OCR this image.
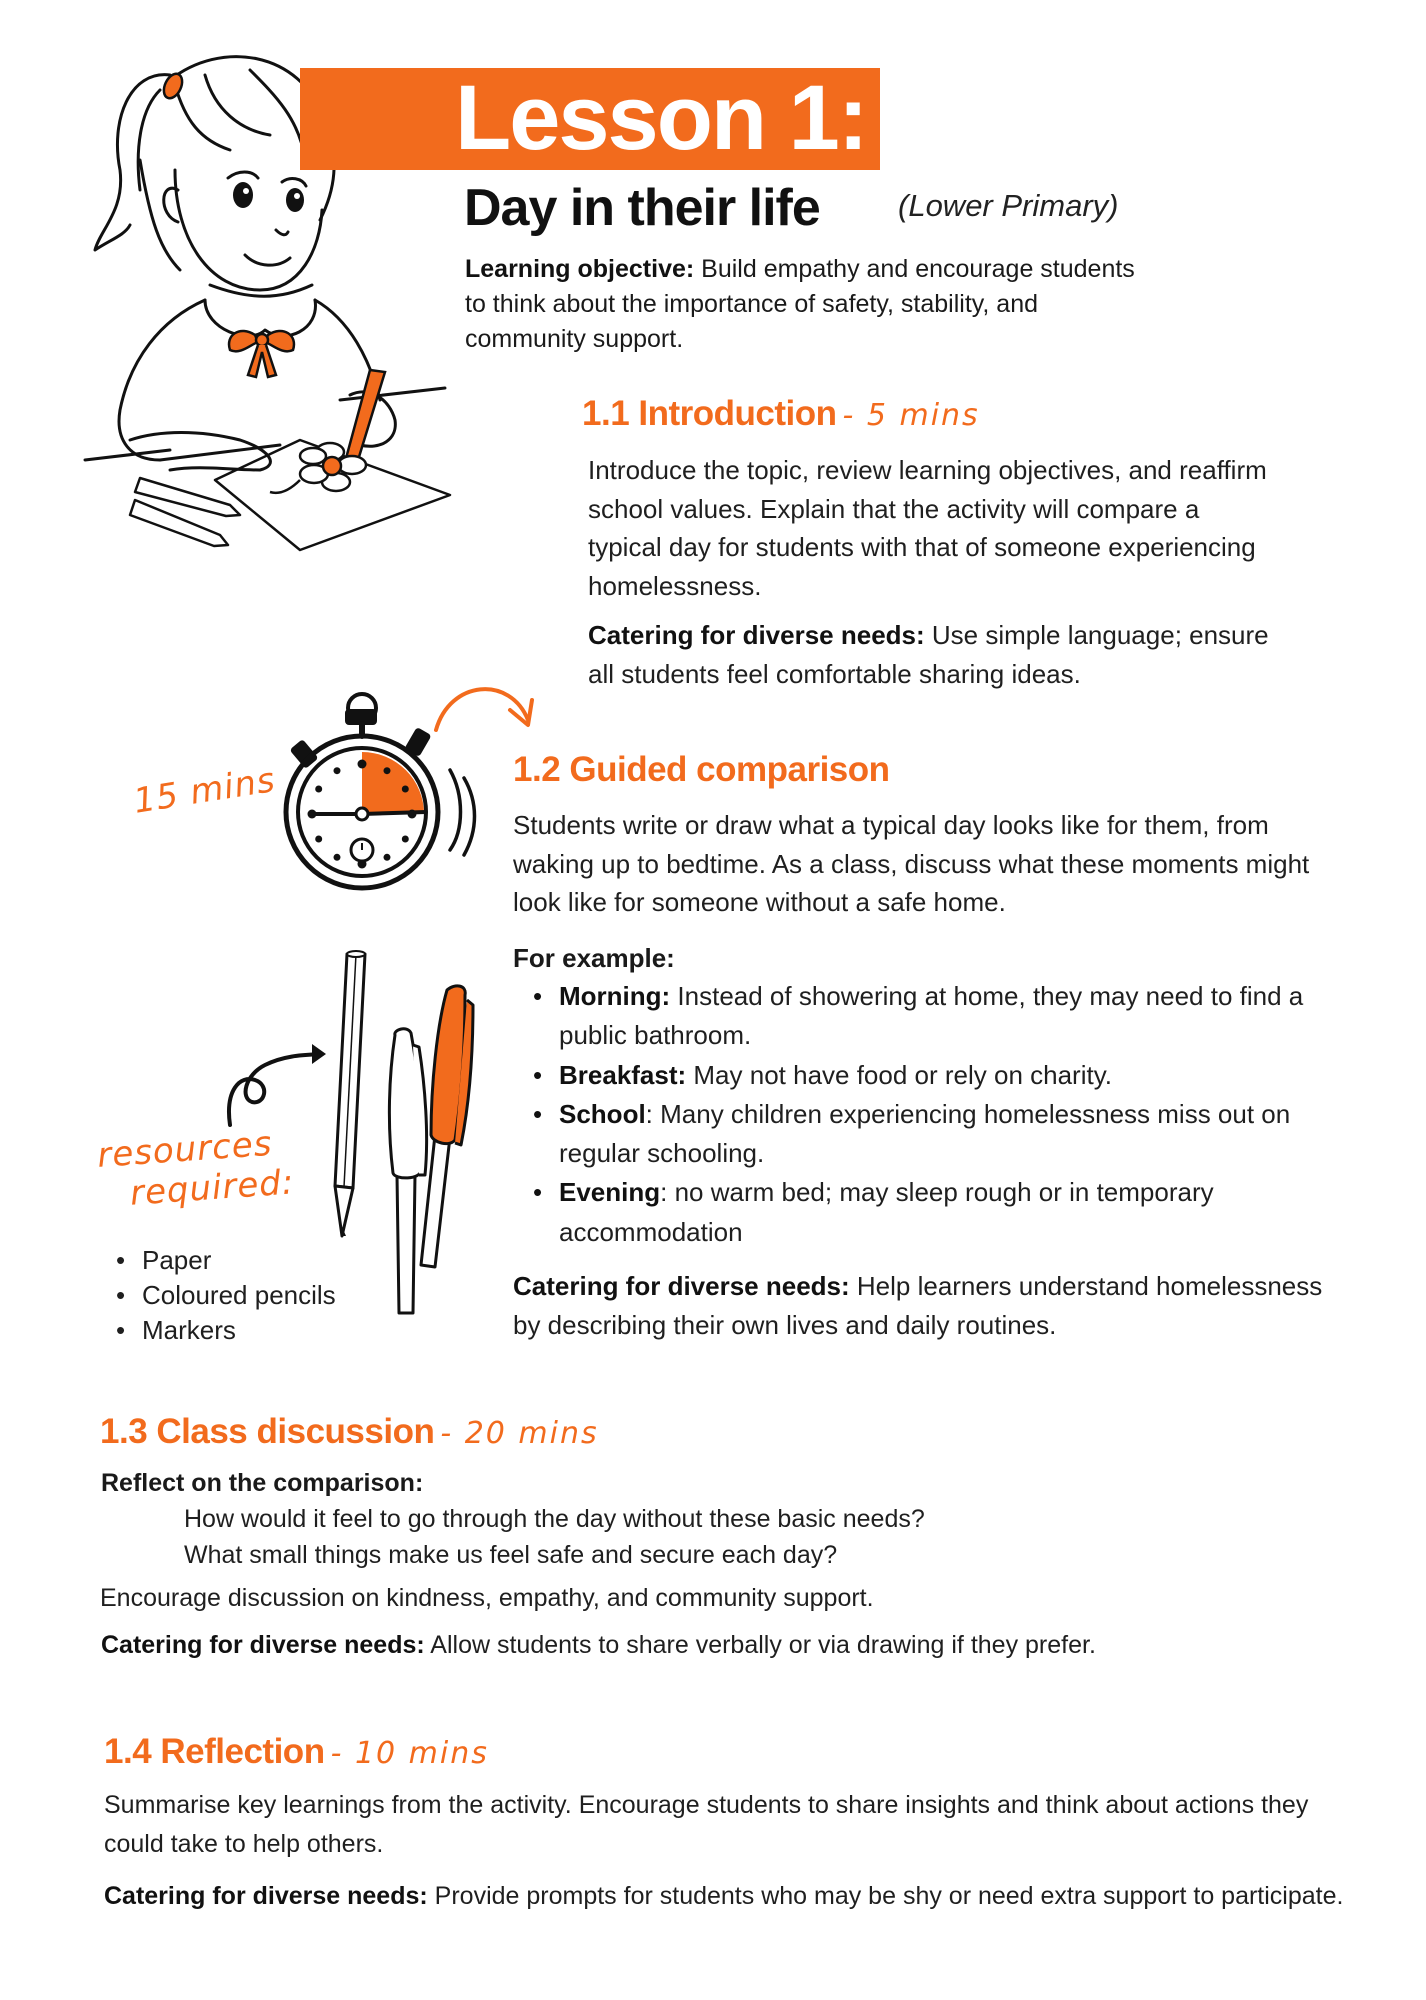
Lesson 1:
Day in their life	(Lower Primary)
Learning objective: Build empathy and encourage students to think about the importance of safety, stability, and community support.
1.1 Introduction - 5 mins
Introduce the topic, review learning objectives, and reaffirm school values. Explain that the activity will compare a typical day for students with that of someone experiencing homelessness.
Catering for diverse needs: Use simple language; ensure all students feel comfortable sharing ideas.
15 mins	1.2 Guided comparison
Students write or draw what a typical day looks like for them, from waking up to bedtime. As a class, discuss what these moments might look like for someone without a safe home.
For example:
• Morning: Instead of showering at home, they may need to find a public bathroom.
• Breakfast: May not have food or rely on charity.
• School: Many children experiencing homelessness miss out on regular schooling.
• Evening: no warm bed; may sleep rough or in temporary accommodation
Catering for diverse needs: Help learners understand homelessness by describing their own lives and daily routines.
resources
required:
• Paper
• Coloured pencils
• Markers
1.3 Class discussion - 20 mins
Reflect on the comparison:
How would it feel to go through the day without these basic needs?
What small things make us feel safe and secure each day?
Encourage discussion on kindness, empathy, and community support.
Catering for diverse needs: Allow students to share verbally or via drawing if they prefer.
1.4 Reflection - 10 mins
Summarise key learnings from the activity. Encourage students to share insights and think about actions they could take to help others.
Catering for diverse needs: Provide prompts for students who may be shy or need extra support to participate.
